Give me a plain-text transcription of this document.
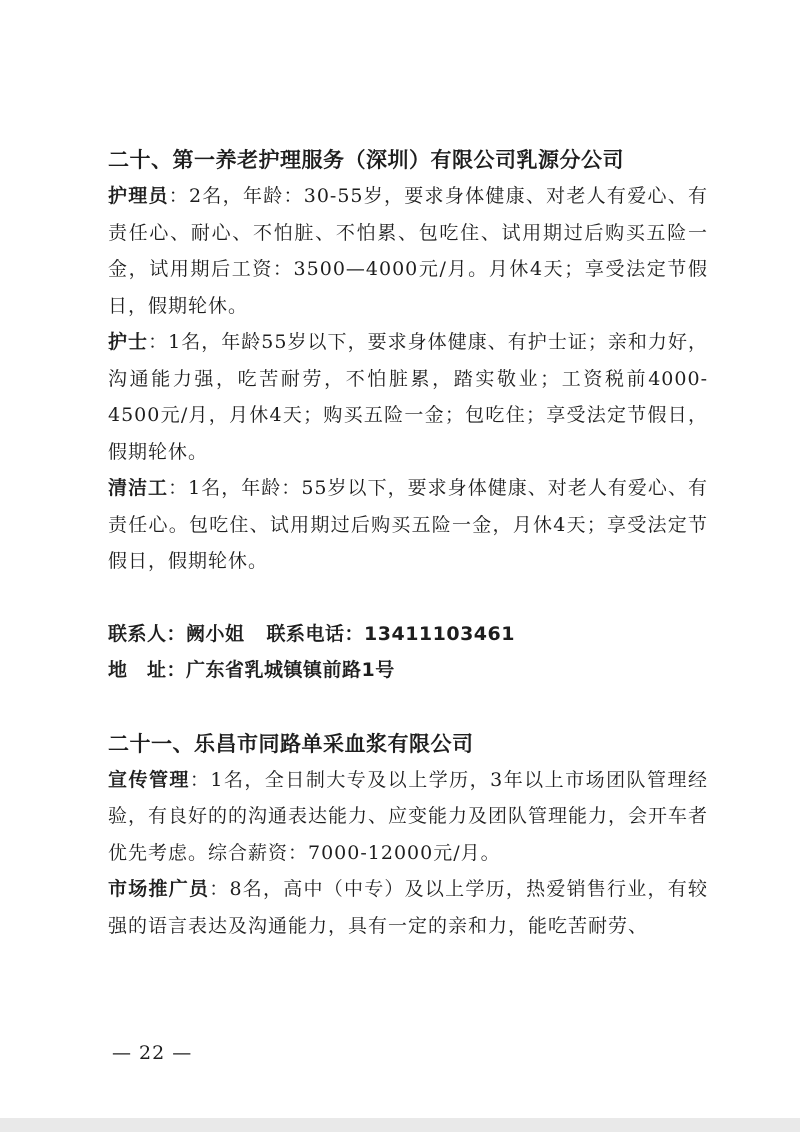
二十、第一养老护理服务（深圳）有限公司乳源分公司

护理员：2名，年龄：30-55岁，要求身体健康、对老人有爱心、有责任心、耐心、不怕脏、不怕累、包吃住、试用期过后购买五险一金，试用期后工资：3500—4000元/月。月休4天；享受法定节假日，假期轮休。

护士：1名，年龄55岁以下，要求身体健康、有护士证；亲和力好，沟通能力强，吃苦耐劳，不怕脏累，踏实敬业；工资税前4000-4500元/月，月休4天；购买五险一金；包吃住；享受法定节假日，假期轮休。

清洁工：1名，年龄：55岁以下，要求身体健康、对老人有爱心、有责任心。包吃住、试用期过后购买五险一金，月休4天；享受法定节假日，假期轮休。

联系人：阙小姐 联系电话：13411103461

地　址：广东省乳城镇镇前路1号

二十一、乐昌市同路单采血浆有限公司

宣传管理：1名，全日制大专及以上学历，3年以上市场团队管理经验，有良好的的沟通表达能力、应变能力及团队管理能力，会开车者优先考虑。综合薪资：7000-12000元/月。

市场推广员：8名，高中（中专）及以上学历，热爱销售行业，有较强的语言表达及沟通能力，具有一定的亲和力，能吃苦耐劳、

— 22 —
